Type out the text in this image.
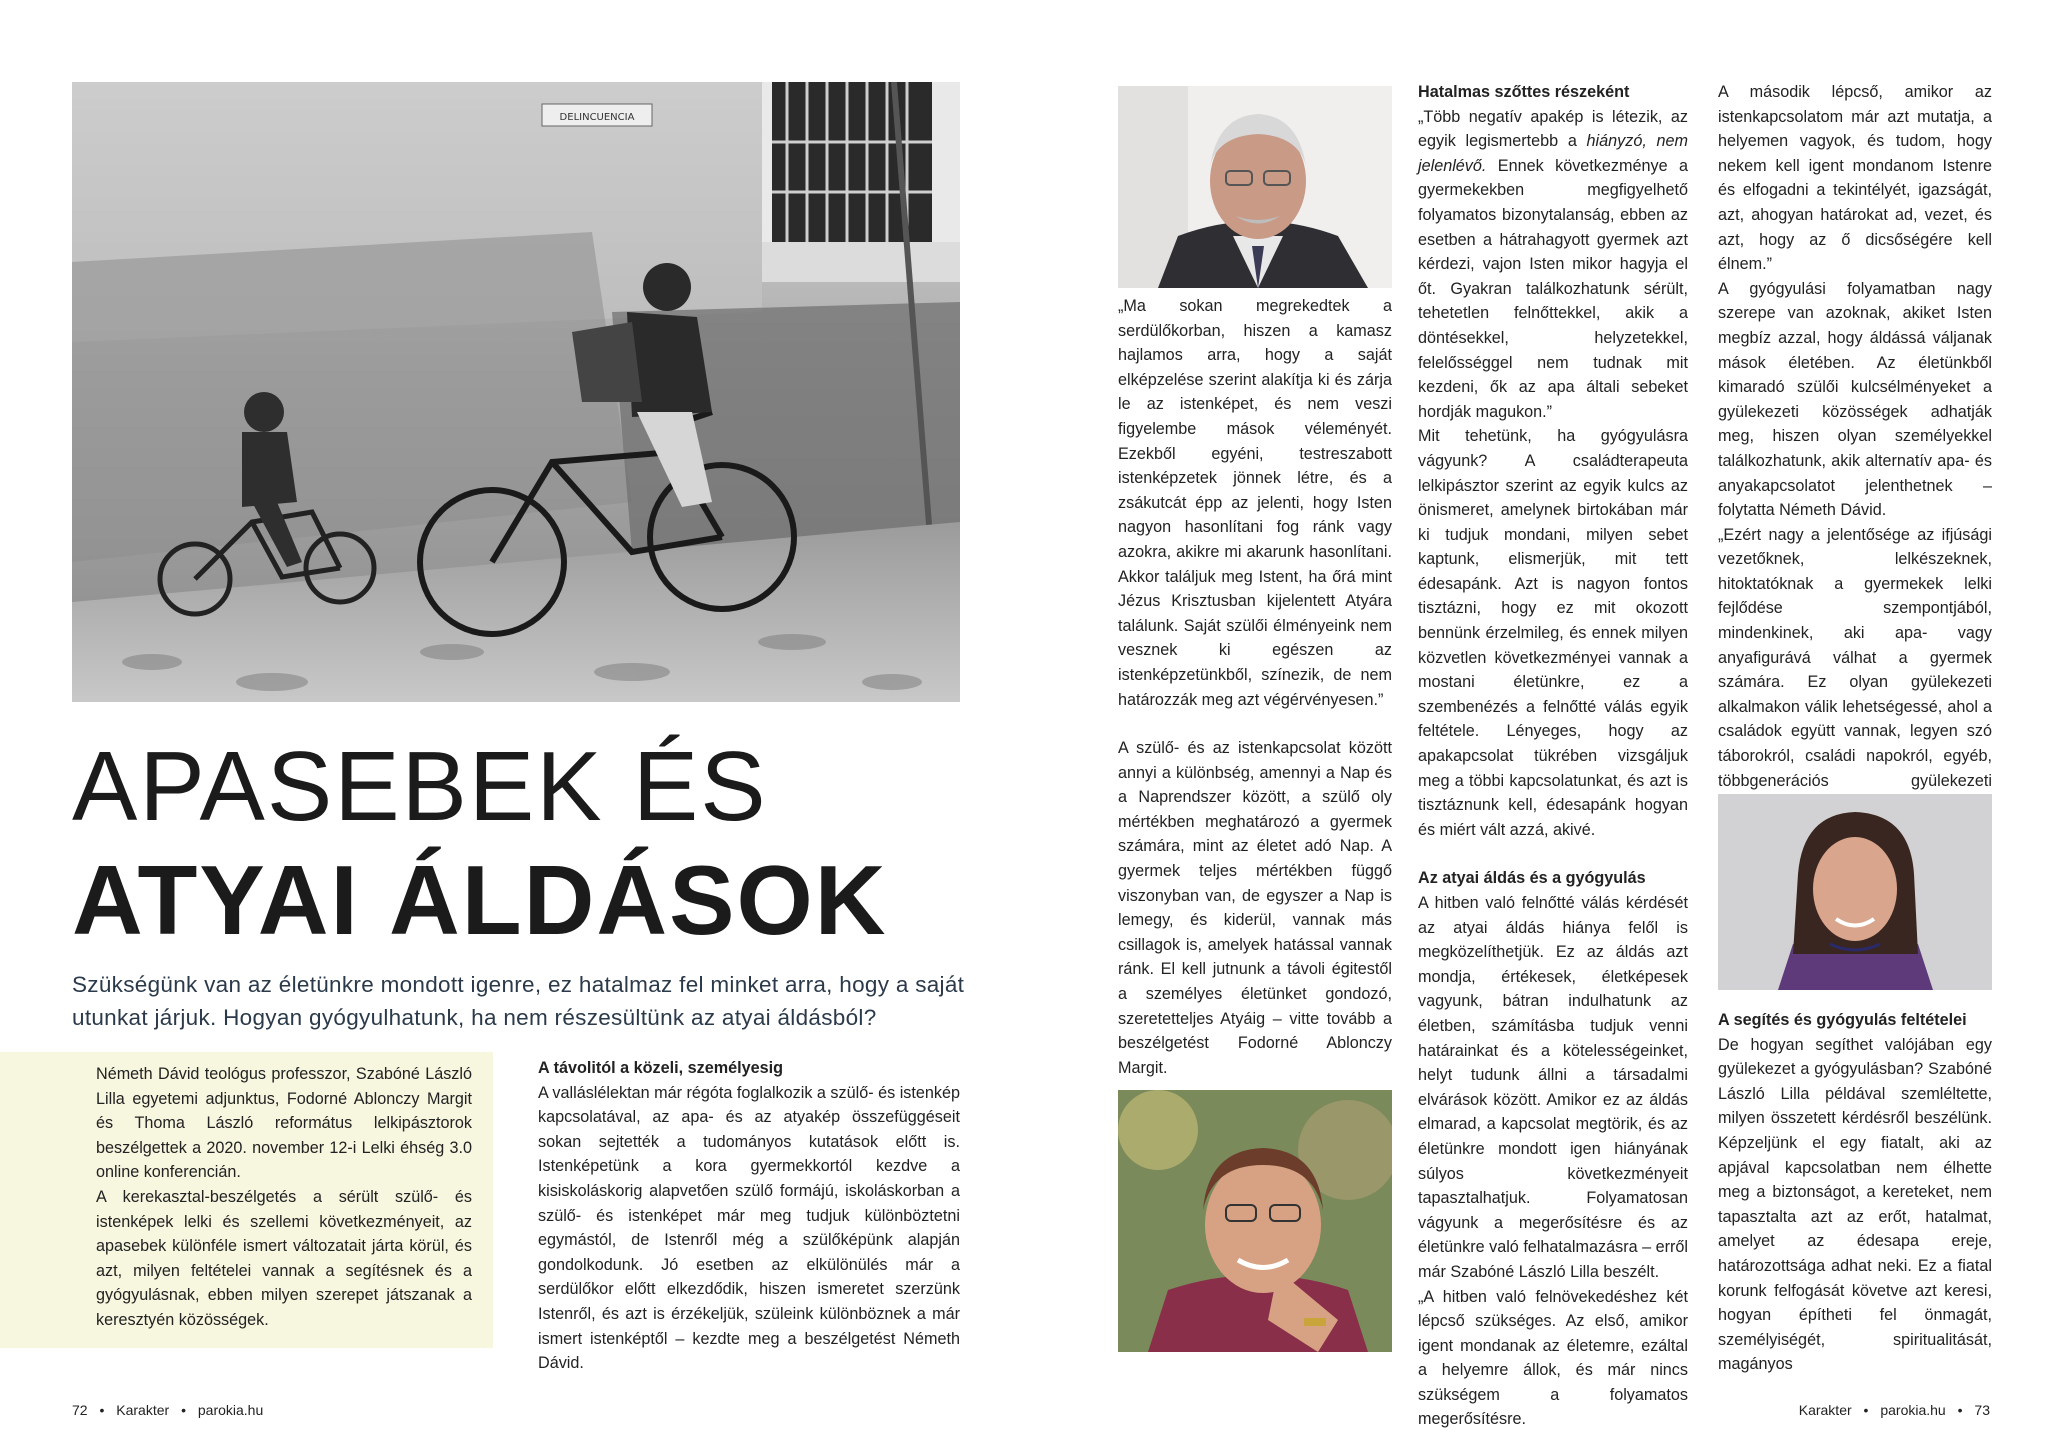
DELINCUENCIA
APASEBEK ÉS
ATYAI ÁLDÁSOK

Szükségünk van az életünkre mondott igenre, ez hatalmaz fel minket arra, hogy a saját utunkat járjuk. Hogyan gyógyulhatunk, ha nem részesültünk az atyai áldásból?

Németh Dávid teológus professzor, Szabóné László Lilla egyetemi adjunktus, Fodorné Ablonczy Margit és Thoma László református lelkipásztorok beszélgettek a 2020. november 12-i Lelki éhség 3.0 online konferencián.

A kerekasztal-beszélgetés a sérült szülő- és istenképek lelki és szellemi következményeit, az apasebek különféle ismert változatait járta körül, és azt, milyen feltételei vannak a segítésnek és a gyógyulásnak, ebben milyen szerepet játszanak a keresztyén közösségek.

A távolitól a közeli, személyesig

A valláslélektan már régóta foglalkozik a szülő- és istenkép kapcsolatával, az apa- és az atyakép összefüggéseit sokan sejtették a tudományos kutatások előtt is. Istenképetünk a kora gyermekkortól kezdve a kisiskoláskorig alapvetően szülő formájú, iskoláskorban a szülő- és istenképet már meg tudjuk különböztetni egymástól, de Istenről még a szülőképünk alapján gondolkodunk. Jó esetben az elkülönülés már a serdülőkor előtt elkezdődik, hiszen ismeretet szerzünk Istenről, és azt is érzékeljük, szüleink különböznek a már ismert istenképtől – kezdte meg a beszélgetést Németh Dávid.

„Ma sokan megrekedtek a serdülőkorban, hiszen a kamasz hajlamos arra, hogy a saját elképzelése szerint alakítja ki és zárja le az istenképet, és nem veszi figyelembe mások véleményét. Ezekből egyéni, testreszabott istenképzetek jönnek létre, és a zsákutcát épp az jelenti, hogy Isten nagyon hasonlítani fog ránk vagy azokra, akikre mi akarunk hasonlítani. Akkor találjuk meg Istent, ha őrá mint Jézus Krisztusban kijelentett Atyára találunk. Saját szülői élményeink nem vesznek ki egészen az istenképzetünkből, színezik, de nem határozzák meg azt végérvényesen.”

A szülő- és az istenkapcsolat között annyi a különbség, amennyi a Nap és a Naprendszer között, a szülő oly mértékben meghatározó a gyermek számára, mint az életet adó Nap. A gyermek teljes mértékben függő viszonyban van, de egyszer a Nap is lemegy, és kiderül, vannak más csillagok is, amelyek hatással vannak ránk. El kell jutnunk a távoli égitestől a személyes életünket gondozó, szeretetteljes Atyáig – vitte tovább a beszélgetést Fodorné Ablonczy Margit.

Hatalmas szőttes részeként

„Több negatív apakép is létezik, az egyik legismertebb a hiányzó, nem jelenlévő. Ennek következménye a gyermekekben megfigyelhető folyamatos bizonytalanság, ebben az esetben a hátrahagyott gyermek azt kérdezi, vajon Isten mikor hagyja el őt. Gyakran találkozhatunk sérült, tehetetlen felnőttekkel, akik a döntésekkel, helyzetekkel, felelősséggel nem tudnak mit kezdeni, ők az apa általi sebeket hordják magukon.”

Mit tehetünk, ha gyógyulásra vágyunk? A családterapeuta lelkipásztor szerint az egyik kulcs az önismeret, amelynek birtokában már ki tudjuk mondani, milyen sebet kaptunk, elismerjük, mit tett édesapánk. Azt is nagyon fontos tisztázni, hogy ez mit okozott bennünk érzelmileg, és ennek milyen közvetlen következményei vannak a mostani életünkre, ez a szembenézés a felnőtté válás egyik feltétele. Lényeges, hogy az apakapcsolat tükrében vizsgáljuk meg a többi kapcsolatunkat, és azt is tisztáznunk kell, édesapánk hogyan és miért vált azzá, akivé.

Az atyai áldás és a gyógyulás

A hitben való felnőtté válás kérdését az atyai áldás hiánya felől is megközelíthetjük. Ez az áldás azt mondja, értékesek, életképesek vagyunk, bátran indulhatunk az életben, számításba tudjuk venni határainkat és a kötelességeinket, helyt tudunk állni a társadalmi elvárások között. Amikor ez az áldás elmarad, a kapcsolat megtörik, és az életünkre mondott igen hiányának súlyos következményeit tapasztalhatjuk. Folyamatosan vágyunk a megerősítésre és az életünkre való felhatalmazásra – erről már Szabóné László Lilla beszélt.

„A hitben való felnövekedéshez két lépcső szükséges. Az első, amikor igent mondanak az életemre, ezáltal a helyemre állok, és már nincs szükségem a folyamatos megerősítésre.

A második lépcső, amikor az istenkapcsolatom már azt mutatja, a helyemen vagyok, és tudom, hogy nekem kell igent mondanom Istenre és elfogadni a tekintélyét, igazságát, azt, ahogyan határokat ad, vezet, és azt, hogy az ő dicsőségére kell élnem.”

A gyógyulási folyamatban nagy szerepe van azoknak, akiket Isten megbíz azzal, hogy áldássá váljanak mások életében. Az életünkből kimaradó szülői kulcsélményeket a gyülekezeti közösségek adhatják meg, hiszen olyan személyekkel találkozhatunk, akik alternatív apa- és anyakapcsolatot jelenthetnek – folytatta Németh Dávid.

„Ezért nagy a jelentősége az ifjúsági vezetőknek, lelkészeknek, hitoktatóknak a gyermekek lelki fejlődése szempontjából, mindenkinek, aki apa- vagy anyafigurává válhat a gyermek számára. Ez olyan gyülekezeti alkalmakon válik lehetségessé, ahol a családok együtt vannak, legyen szó táborokról, családi napokról, egyéb, többgenerációs gyülekezeti

A segítés és gyógyulás feltételei

De hogyan segíthet valójában egy gyülekezet a gyógyulásban? Szabóné László Lilla példával szemléltette, milyen összetett kérdésről beszélünk. Képzeljünk el egy fiatalt, aki az apjával kapcsolatban nem élhette meg a biztonságot, a kereteket, nem tapasztalta azt az erőt, hatalmat, amelyet az édesapa ereje, határozottsága adhat neki. Ez a fiatal korunk felfogását követve azt keresi, hogyan építheti fel önmagát, személyiségét, spiritualitását, magányos

72 • Karakter • parokia.hu	Karakter • parokia.hu • 73
